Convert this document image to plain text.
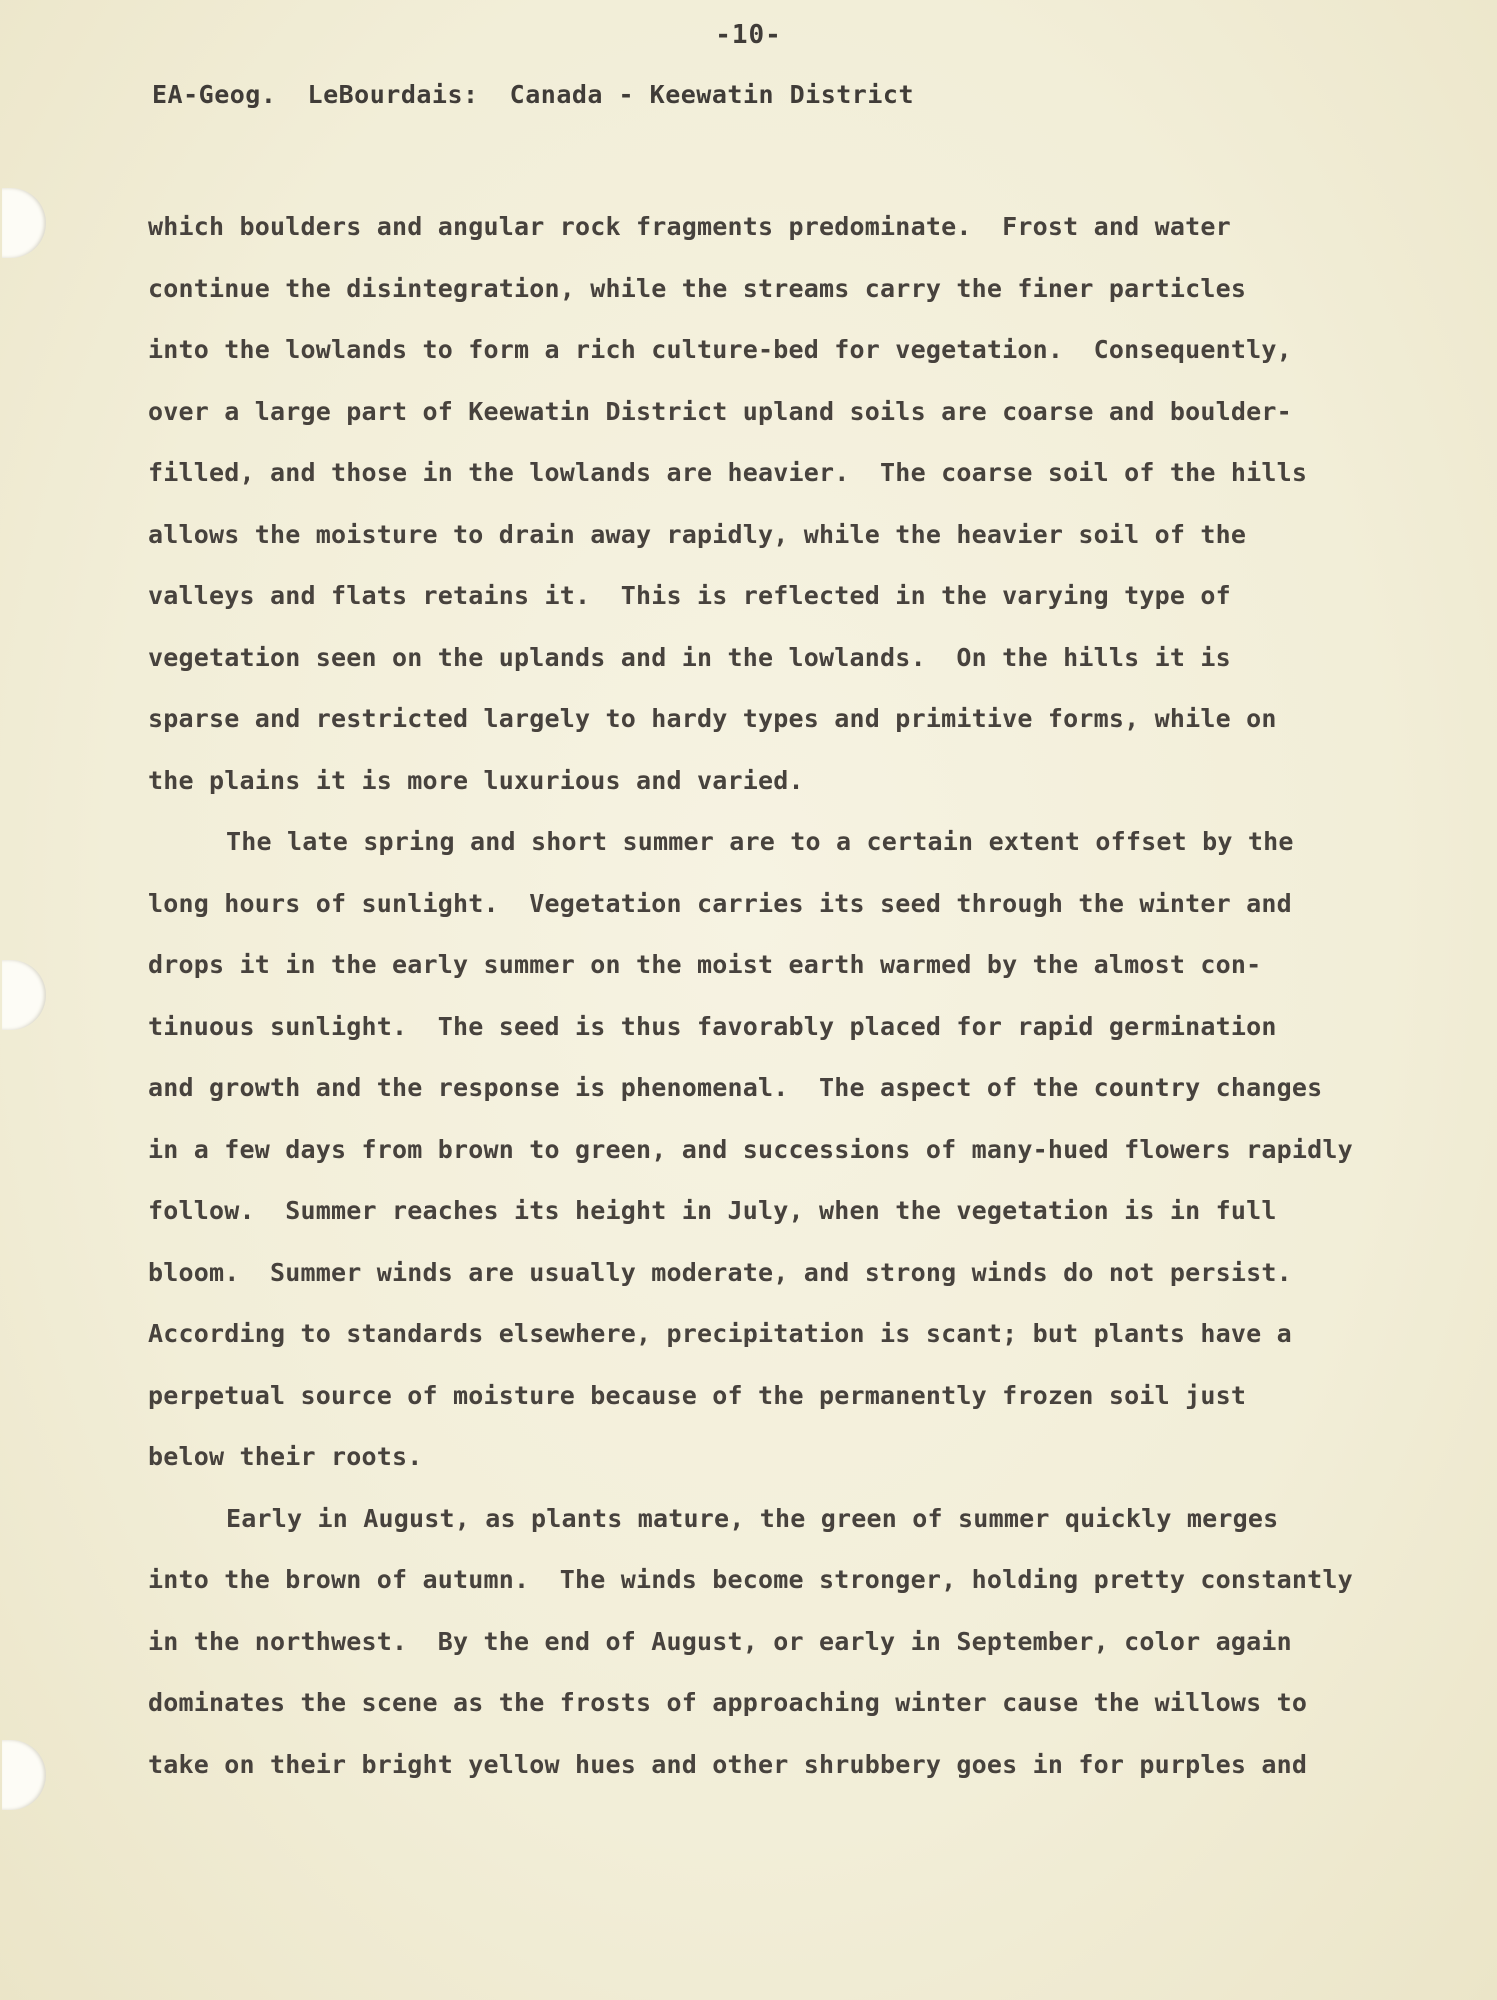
-10-
EA-Geog.  LeBourdais:  Canada - Keewatin District
which boulders and angular rock fragments predominate.  Frost and water
continue the disintegration, while the streams carry the finer particles
into the lowlands to form a rich culture-bed for vegetation.  Consequently,
over a large part of Keewatin District upland soils are coarse and boulder-
filled, and those in the lowlands are heavier.  The coarse soil of the hills
allows the moisture to drain away rapidly, while the heavier soil of the
valleys and flats retains it.  This is reflected in the varying type of
vegetation seen on the uplands and in the lowlands.  On the hills it is
sparse and restricted largely to hardy types and primitive forms, while on
the plains it is more luxurious and varied.
The late spring and short summer are to a certain extent offset by the
long hours of sunlight.  Vegetation carries its seed through the winter and
drops it in the early summer on the moist earth warmed by the almost con-
tinuous sunlight.  The seed is thus favorably placed for rapid germination
and growth and the response is phenomenal.  The aspect of the country changes
in a few days from brown to green, and successions of many-hued flowers rapidly
follow.  Summer reaches its height in July, when the vegetation is in full
bloom.  Summer winds are usually moderate, and strong winds do not persist.
According to standards elsewhere, precipitation is scant; but plants have a
perpetual source of moisture because of the permanently frozen soil just
below their roots.
Early in August, as plants mature, the green of summer quickly merges
into the brown of autumn.  The winds become stronger, holding pretty constantly
in the northwest.  By the end of August, or early in September, color again
dominates the scene as the frosts of approaching winter cause the willows to
take on their bright yellow hues and other shrubbery goes in for purples and
